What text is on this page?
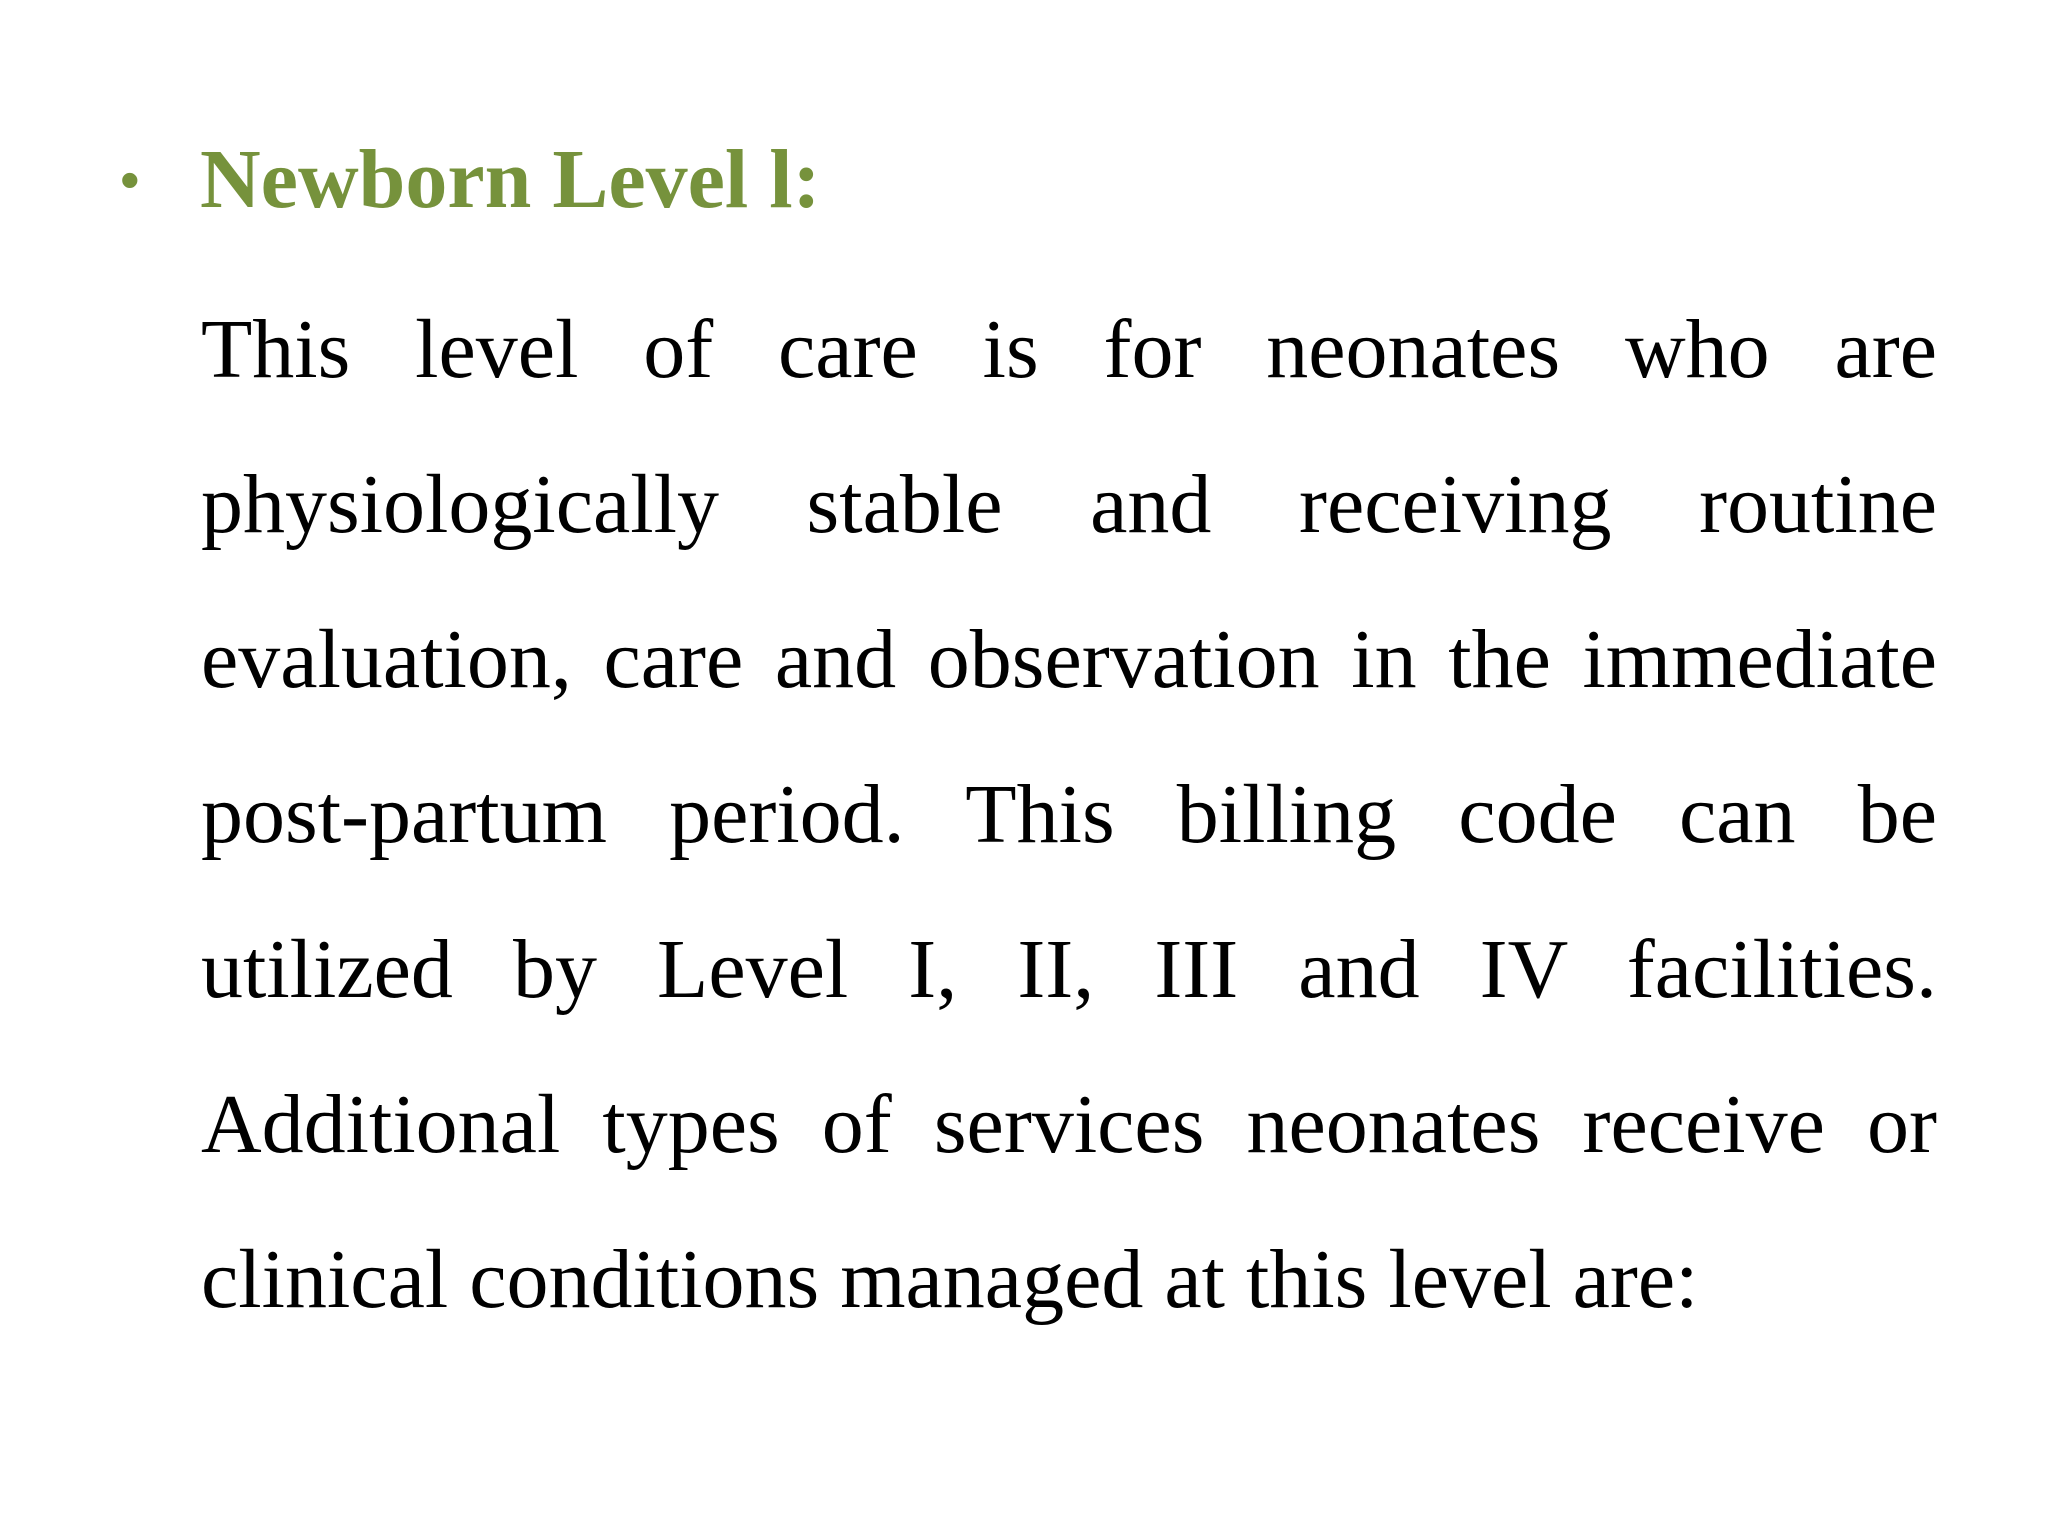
• Newborn Level l:
This level of care is for neonates who are
physiologically stable and receiving routine
evaluation, care and observation in the immediate
post-partum period. This billing code can be
utilized by Level I, II, III and IV facilities.
Additional types of services neonates receive or
clinical conditions managed at this level are:
